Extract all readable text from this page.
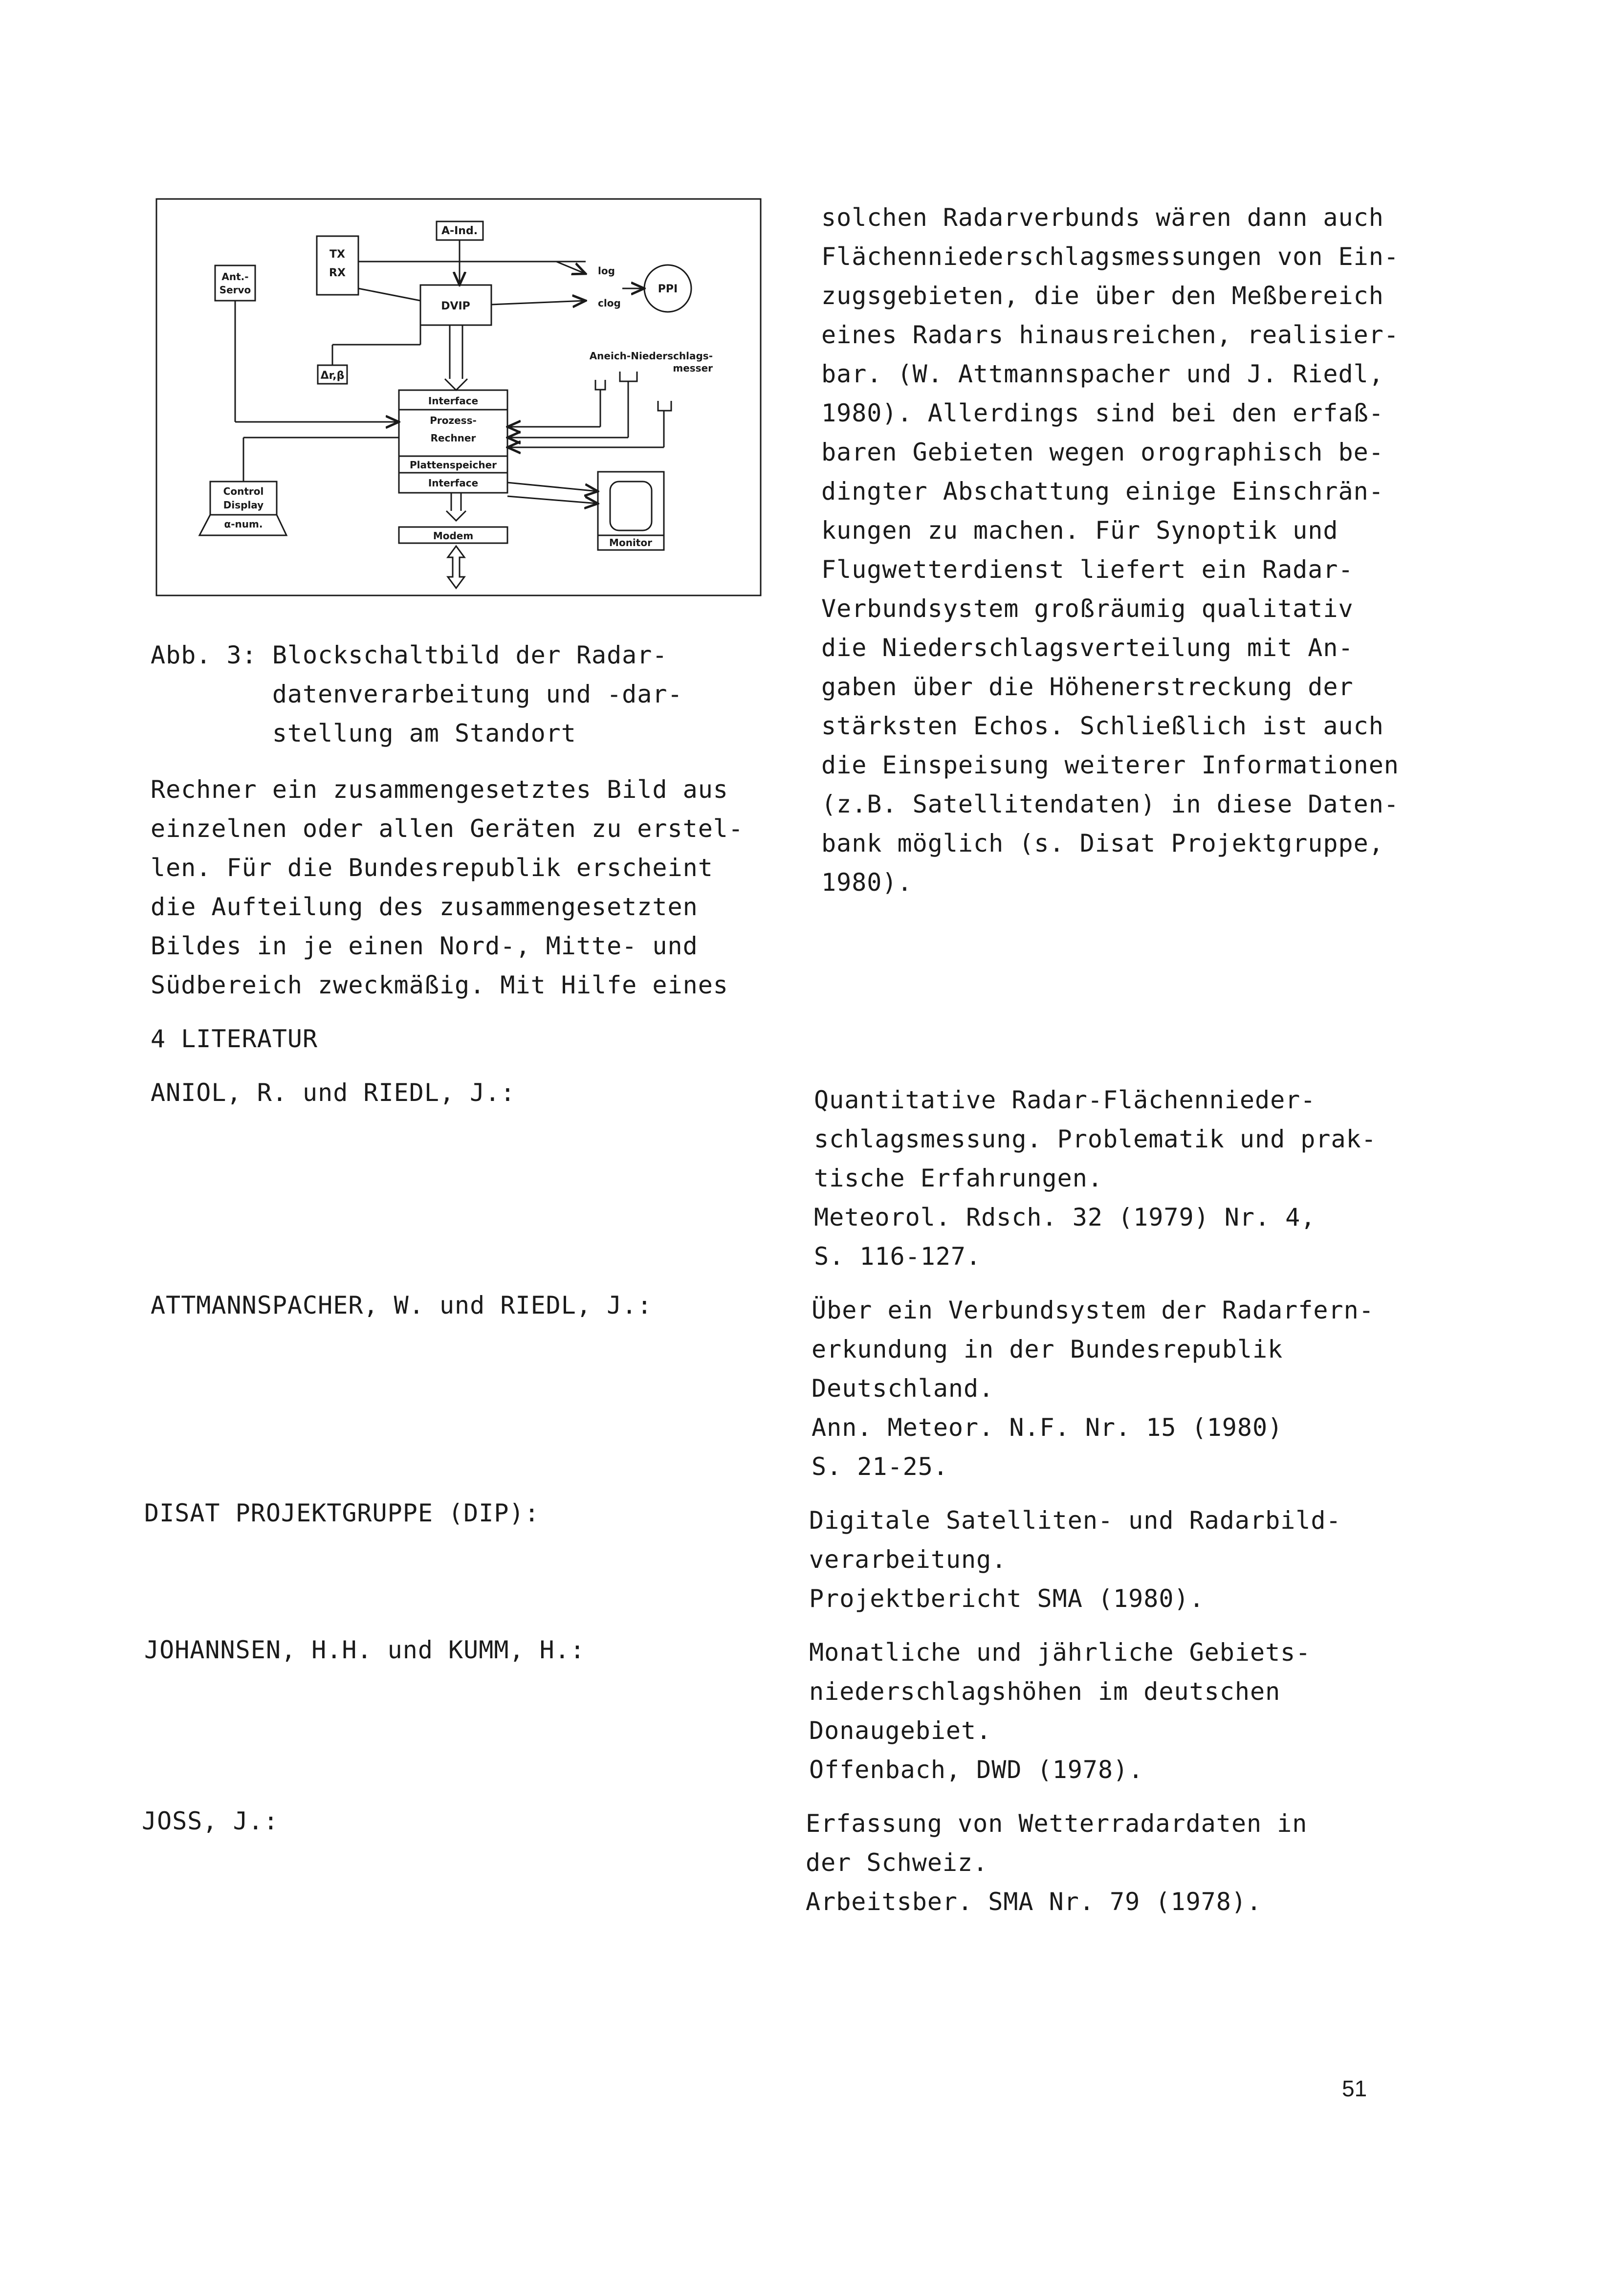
A-Ind.
TX
RX
Ant.-
Servo
log
clog
PPI
DVIP
Δr,β
Aneich-Niederschlags-
messer
Interface
Prozess-
Rechner
Plattenspeicher
Interface
Control
Display
α-num.
Modem
Monitor
Abb. 3: Blockschaltbild der Radar-
datenverarbeitung und -dar-
stellung am Standort
Rechner ein zusammengesetztes Bild aus
einzelnen oder allen Geräten zu erstel-
len. Für die Bundesrepublik erscheint
die Aufteilung des zusammengesetzten
Bildes in je einen Nord-, Mitte- und
Südbereich zweckmäßig. Mit Hilfe eines
solchen Radarverbunds wären dann auch
Flächenniederschlagsmessungen von Ein-
zugsgebieten, die über den Meßbereich
eines Radars hinausreichen, realisier-
bar. (W. Attmannspacher und J. Riedl,
1980). Allerdings sind bei den erfaß-
baren Gebieten wegen orographisch be-
dingter Abschattung einige Einschrän-
kungen zu machen. Für Synoptik und
Flugwetterdienst liefert ein Radar-
Verbundsystem großräumig qualitativ
die Niederschlagsverteilung mit An-
gaben über die Höhenerstreckung der
stärksten Echos. Schließlich ist auch
die Einspeisung weiterer Informationen
(z.B. Satellitendaten) in diese Daten-
bank möglich (s. Disat Projektgruppe,
1980).
4 LITERATUR
ANIOL, R. und RIEDL, J.:	Quantitative Radar-Flächennieder-
schlagsmessung. Problematik und prak-
tische Erfahrungen.
Meteorol. Rdsch. 32 (1979) Nr. 4,
S. 116-127.
ATTMANNSPACHER, W. und RIEDL, J.:	Über ein Verbundsystem der Radarfern-
erkundung in der Bundesrepublik
Deutschland.
Ann. Meteor. N.F. Nr. 15 (1980)
S. 21-25.
DISAT PROJEKTGRUPPE (DIP):	Digitale Satelliten- und Radarbild-
verarbeitung.
Projektbericht SMA (1980).
JOHANNSEN, H.H. und KUMM, H.:	Monatliche und jährliche Gebiets-
niederschlagshöhen im deutschen
Donaugebiet.
Offenbach, DWD (1978).
JOSS, J.:	Erfassung von Wetterradardaten in
der Schweiz.
Arbeitsber. SMA Nr. 79 (1978).
51
